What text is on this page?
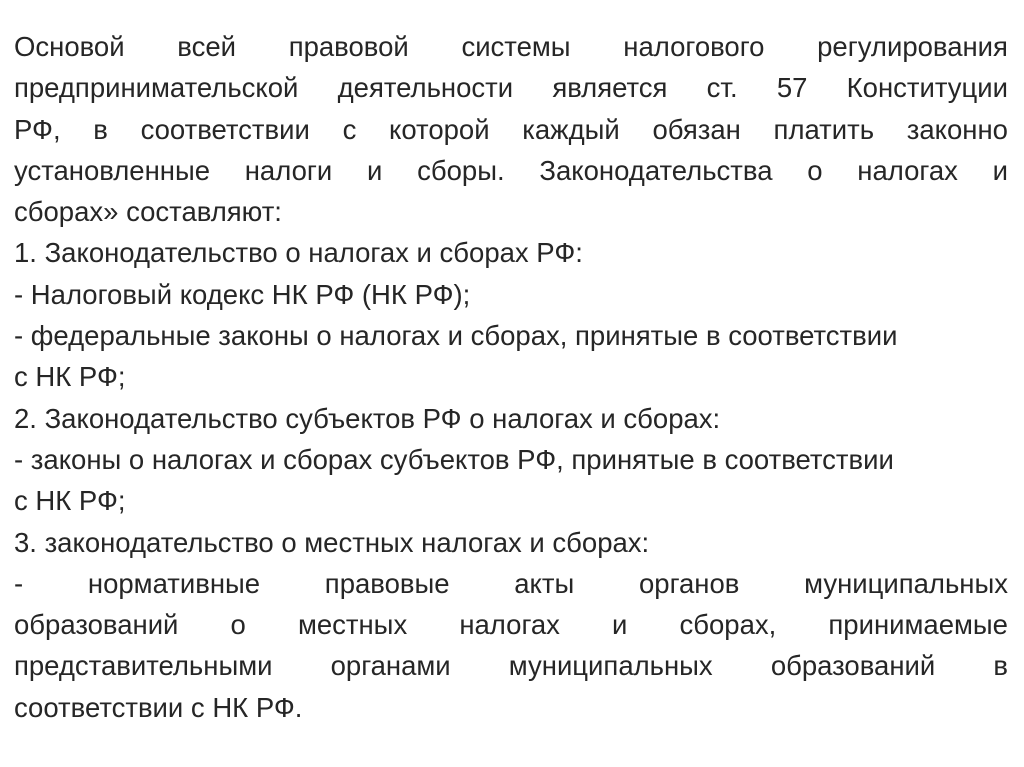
Основой всей правовой системы налогового регулирования
предпринимательской деятельности является ст. 57 Конституции
РФ, в соответствии с которой каждый обязан платить законно
установленные налоги и сборы. Законодательства о налогах и
сборах» составляют:
1. Законодательство о налогах и сборах РФ:
- Налоговый кодекс НК РФ (НК РФ);
- федеральные законы о налогах и сборах, принятые в соответствии
с НК РФ;
2. Законодательство субъектов РФ о налогах и сборах:
- законы о налогах и сборах субъектов РФ, принятые в соответствии
с НК РФ;
3. законодательство о местных налогах и сборах:
- нормативные правовые акты органов муниципальных
образований о местных налогах и сборах, принимаемые
представительными органами муниципальных образований в
соответствии с НК РФ.
